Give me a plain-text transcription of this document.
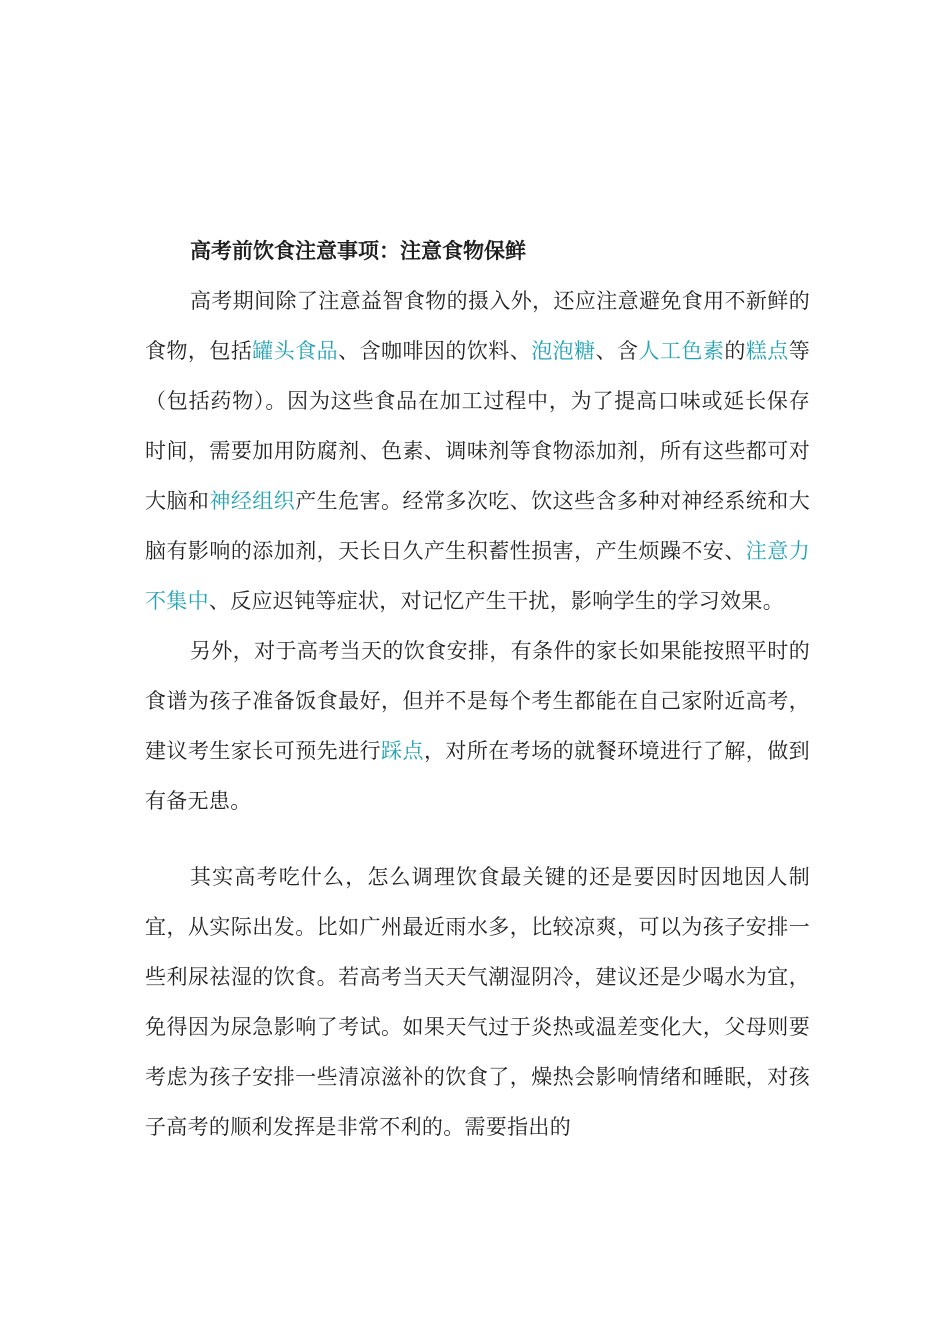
高考前饮食注意事项：注意食物保鲜

高考期间除了注意益智食物的摄入外，还应注意避免食用不新鲜的食物，包括罐头食品、含咖啡因的饮料、泡泡糖、含人工色素的糕点等（包括药物）。因为这些食品在加工过程中，为了提高口味或延长保存时间，需要加用防腐剂、色素、调味剂等食物添加剂，所有这些都可对大脑和神经组织产生危害。经常多次吃、饮这些含多种对神经系统和大脑有影响的添加剂，天长日久产生积蓄性损害，产生烦躁不安、注意力不集中、反应迟钝等症状，对记忆产生干扰，影响学生的学习效果。

另外，对于高考当天的饮食安排，有条件的家长如果能按照平时的食谱为孩子准备饭食最好，但并不是每个考生都能在自己家附近高考，建议考生家长可预先进行踩点，对所在考场的就餐环境进行了解，做到有备无患。

其实高考吃什么，怎么调理饮食最关键的还是要因时因地因人制宜，从实际出发。比如广州最近雨水多，比较凉爽，可以为孩子安排一些利尿祛湿的饮食。若高考当天天气潮湿阴冷，建议还是少喝水为宜，免得因为尿急影响了考试。如果天气过于炎热或温差变化大，父母则要考虑为孩子安排一些清凉滋补的饮食了，燥热会影响情绪和睡眠，对孩子高考的顺利发挥是非常不利的。需要指出的
